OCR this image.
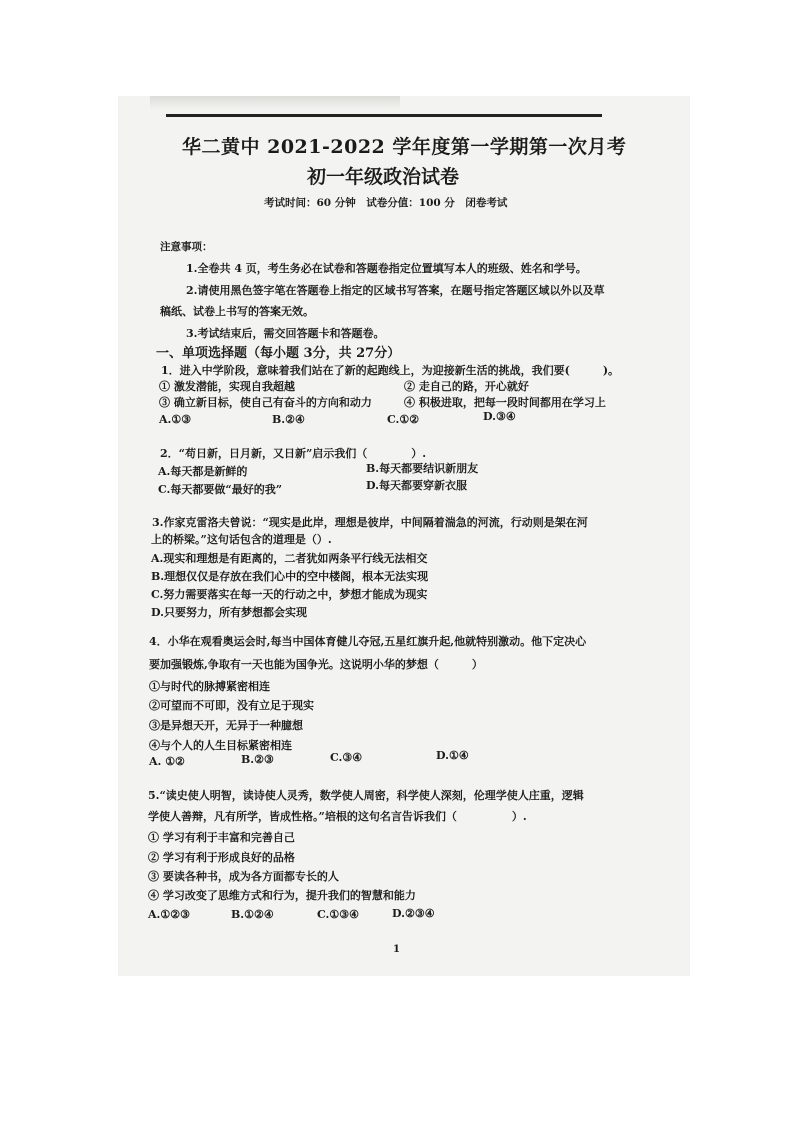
华二黄中 2021-2022 学年度第一学期第一次月考
初一年级政治试卷
考试时间：60 分钟　试卷分值：100 分　闭卷考试
注意事项：
1.全卷共 4 页，考生务必在试卷和答题卷指定位置填写本人的班级、姓名和学号。
2.请使用黑色签字笔在答题卷上指定的区域书写答案，在题号指定答题区域以外以及草
稿纸、试卷上书写的答案无效。
3.考试结束后，需交回答题卡和答题卷。
一、单项选择题（每小题 3分，共 27分）
1．进入中学阶段，意味着我们站在了新的起跑线上，为迎接新生活的挑战，我们要(　　　)。
① 激发潜能，实现自我超越	② 走自己的路，开心就好
③ 确立新目标，使自己有奋斗的方向和动力	④ 积极进取，把每一段时间都用在学习上
A.①③	B.②④	C.①②	D.③④
2．“苟日新，日月新，又日新”启示我们（　　　　）.
A.每天都是新鲜的	B.每天都要结识新朋友
C.每天都要做“最好的我”	D.每天都要穿新衣服
3.作家克雷洛夫曾说：“现实是此岸，理想是彼岸，中间隔着湍急的河流，行动则是架在河
上的桥梁。”这句话包含的道理是（）.
A.现实和理想是有距离的，二者犹如两条平行线无法相交
B.理想仅仅是存放在我们心中的空中楼阁，根本无法实现
C.努力需要落实在每一天的行动之中，梦想才能成为现实
D.只要努力，所有梦想都会实现
4．小华在观看奥运会时,每当中国体育健儿夺冠,五星红旗升起,他就特别激动。他下定决心
要加强锻炼,争取有一天也能为国争光。这说明小华的梦想（　　　）
①与时代的脉搏紧密相连
②可望而不可即，没有立足于现实
③是异想天开，无异于一种臆想
④与个人的人生目标紧密相连
A. ①②	B.②③	C.③④	D.①④
5.“读史使人明智，读诗使人灵秀，数学使人周密，科学使人深刻，伦理学使人庄重，逻辑
学使人善辩，凡有所学，皆成性格。”培根的这句名言告诉我们（　　　　　）.
① 学习有利于丰富和完善自己
② 学习有利于形成良好的品格
③ 要读各种书，成为各方面都专长的人
④ 学习改变了思维方式和行为，提升我们的智慧和能力
A.①②③	B.①②④	C.①③④	D.②③④
1
